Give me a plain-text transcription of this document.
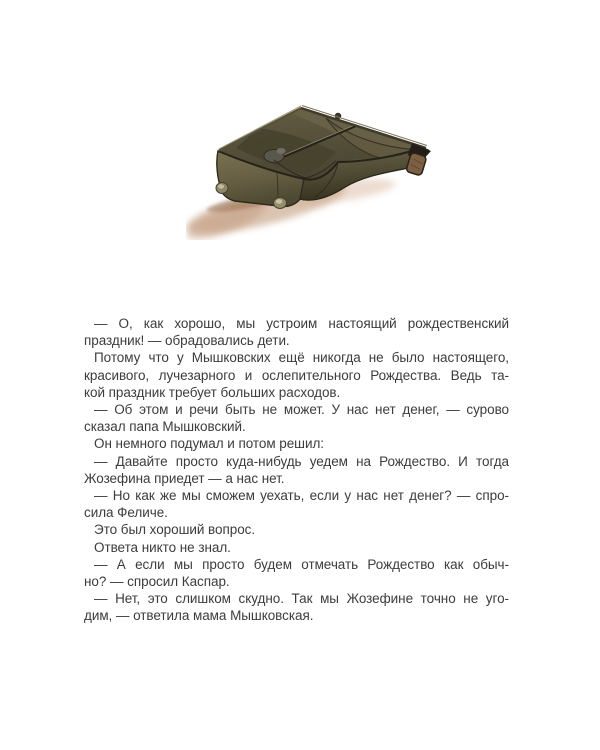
— О, как хорошо, мы устроим настоящий рождественский
праздник! — обрадовались дети.
Потому что у Мышковских ещё никогда не было настоящего,
красивого, лучезарного и ослепительного Рождества. Ведь та-
кой праздник требует больших расходов.
— Об этом и речи быть не может. У нас нет денег, — сурово
сказал папа Мышковский.
Он немного подумал и потом решил:
— Давайте просто куда-нибудь уедем на Рождество. И тогда
Жозефина приедет — а нас нет.
— Но как же мы сможем уехать, если у нас нет денег? — спро-
сила Феличе.
Это был хороший вопрос.
Ответа никто не знал.
— А если мы просто будем отмечать Рождество как обыч-
но? — спросил Каспар.
— Нет, это слишком скудно. Так мы Жозефине точно не уго-
дим, — ответила мама Мышковская.
